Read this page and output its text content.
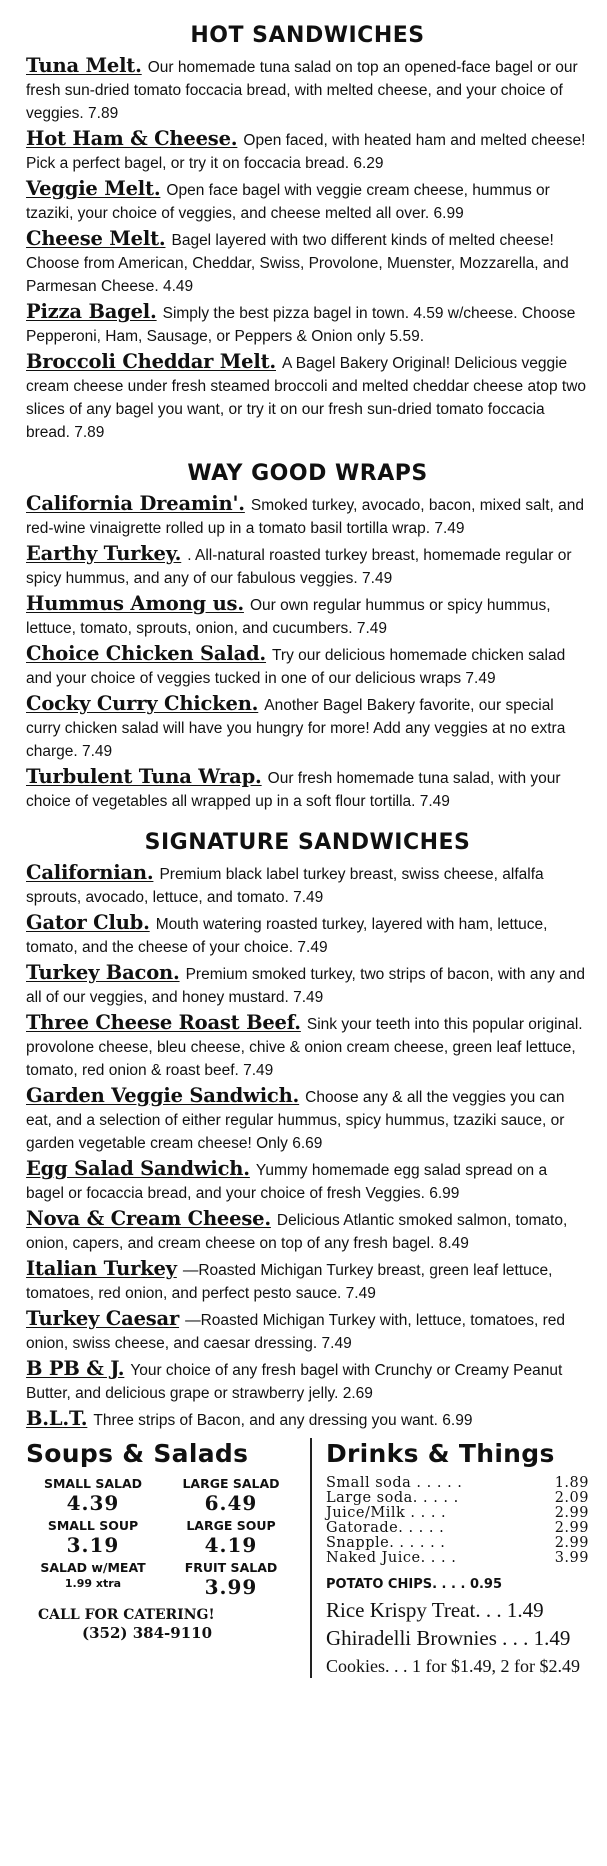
HOT SANDWICHES

Tuna Melt. Our homemade tuna salad on top an opened-face bagel or our fresh sun-dried tomato foccacia bread, with melted cheese, and your choice of veggies. 7.89

Hot Ham & Cheese. Open faced, with heated ham and melted cheese! Pick a perfect bagel, or try it on foccacia bread. 6.29

Veggie Melt. Open face bagel with veggie cream cheese, hummus or tzaziki, your choice of veggies, and cheese melted all over. 6.99

Cheese Melt. Bagel layered with two different kinds of melted cheese! Choose from American, Cheddar, Swiss, Provolone, Muenster, Mozzarella, and Parmesan Cheese. 4.49

Pizza Bagel. Simply the best pizza bagel in town. 4.59 w/cheese. Choose Pepperoni, Ham, Sausage, or Peppers & Onion only 5.59.

Broccoli Cheddar Melt. A Bagel Bakery Original! Delicious veggie cream cheese under fresh steamed broccoli and melted cheddar cheese atop two slices of any bagel you want, or try it on our fresh sun-dried tomato foccacia bread. 7.89

WAY GOOD WRAPS

California Dreamin'. Smoked turkey, avocado, bacon, mixed salt, and red-wine vinaigrette rolled up in a tomato basil tortilla wrap. 7.49

Earthy Turkey. . All-natural roasted turkey breast, homemade regular or spicy hummus, and any of our fabulous veggies. 7.49

Hummus Among us. Our own regular hummus or spicy hummus, lettuce, tomato, sprouts, onion, and cucumbers. 7.49

Choice Chicken Salad. Try our delicious homemade chicken salad and your choice of veggies tucked in one of our delicious wraps 7.49

Cocky Curry Chicken. Another Bagel Bakery favorite, our special curry chicken salad will have you hungry for more! Add any veggies at no extra charge. 7.49

Turbulent Tuna Wrap. Our fresh homemade tuna salad, with your choice of vegetables all wrapped up in a soft flour tortilla. 7.49

SIGNATURE SANDWICHES

Californian. Premium black label turkey breast, swiss cheese, alfalfa sprouts, avocado, lettuce, and tomato. 7.49

Gator Club. Mouth watering roasted turkey, layered with ham, lettuce, tomato, and the cheese of your choice. 7.49

Turkey Bacon. Premium smoked turkey, two strips of bacon, with any and all of our veggies, and honey mustard. 7.49

Three Cheese Roast Beef. Sink your teeth into this popular original. provolone cheese, bleu cheese, chive & onion cream cheese, green leaf lettuce, tomato, red onion & roast beef. 7.49

Garden Veggie Sandwich. Choose any & all the veggies you can eat, and a selection of either regular hummus, spicy hummus, tzaziki sauce, or garden vegetable cream cheese! Only 6.69

Egg Salad Sandwich. Yummy homemade egg salad spread on a bagel or focaccia bread, and your choice of fresh Veggies. 6.99

Nova & Cream Cheese. Delicious Atlantic smoked salmon, tomato, onion, capers, and cream cheese on top of any fresh bagel. 8.49

Italian Turkey —Roasted Michigan Turkey breast, green leaf lettuce, tomatoes, red onion, and perfect pesto sauce. 7.49

Turkey Caesar —Roasted Michigan Turkey with, lettuce, tomatoes, red onion, swiss cheese, and caesar dressing. 7.49

B PB & J. Your choice of any fresh bagel with Crunchy or Creamy Peanut Butter, and delicious grape or strawberry jelly. 2.69

B.L.T. Three strips of Bacon, and any dressing you want. 6.99

Soups & Salads
SMALL SALAD
4.39
LARGE SALAD
6.49
SMALL SOUP
3.19
LARGE SOUP
4.19
SALAD w/MEAT
1.99 xtra
FRUIT SALAD
3.99
CALL FOR CATERING!
(352) 384-9110
Drinks & Things
Small soda . . . . .	1.89
Large soda. . . . .	2.09
Juice/Milk . . . .	2.99
Gatorade. . . . .	2.99
Snapple. . . . . .	2.99
Naked Juice. . . .	3.99
POTATO CHIPS. . . . 0.95
Rice Krispy Treat. . . 1.49
Ghiradelli Brownies . . . 1.49
Cookies. . . 1 for $1.49, 2 for $2.49
